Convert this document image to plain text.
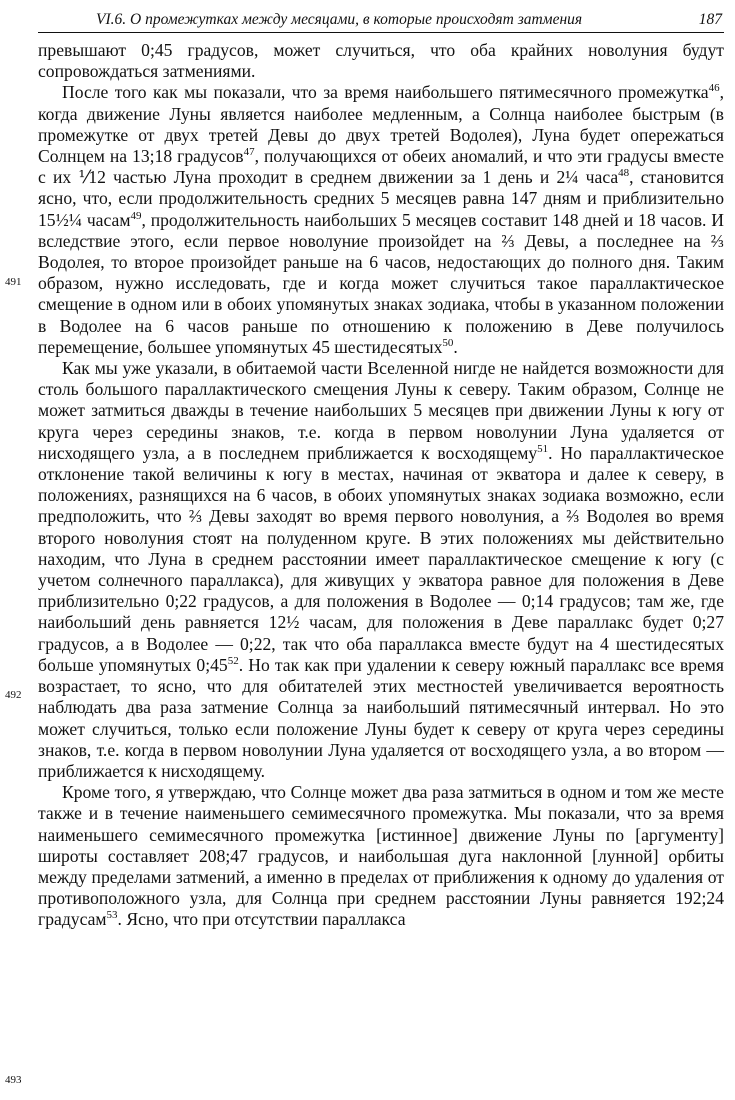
VI.6. О промежутках между месяцами, в которые происходят затмения	187
491
492
493

превышают 0;45 градусов, может случиться, что оба крайних новолуния будут сопровождаться затмениями.

После того как мы показали, что за время наибольшего пятимесячного промежутка$^{46}$, когда движение Луны является наиболее медленным, а Солнца наиболее быстрым (в промежутке от двух третей Девы до двух третей Водолея), Луна будет опережаться Солнцем на 13;18 градусов$^{47}$, получающихся от обеих аномалий, и что эти градусы вместе с их ⅟12 частью Луна проходит в среднем движении за 1 день и 2¼ часа$^{48}$, становится ясно, что, если продолжительность средних 5 месяцев равна 147 дням и приблизительно 15½¼ часам$^{49}$, продолжительность наибольших 5 месяцев составит 148 дней и 18 часов. И вследствие этого, если первое новолуние произойдет на ⅔ Девы, а последнее на ⅔ Водолея, то второе произойдет раньше на 6 часов, недостающих до полного дня. Таким образом, нужно исследовать, где и когда может случиться такое параллактическое смещение в одном или в обоих упомянутых знаках зодиака, чтобы в указанном положении в Водолее на 6 часов раньше по отношению к положению в Деве получилось перемещение, большее упомянутых 45 шестидесятых$^{50}$.

Как мы уже указали, в обитаемой части Вселенной нигде не найдется возможности для столь большого параллактического смещения Луны к северу. Таким образом, Солнце не может затмиться дважды в течение наибольших 5 месяцев при движении Луны к югу от круга через середины знаков, т.е. когда в первом новолунии Луна удаляется от нисходящего узла, а в последнем приближается к восходящему$^{51}$. Но параллактическое отклонение такой величины к югу в местах, начиная от экватора и далее к северу, в положениях, разнящихся на 6 часов, в обоих упомянутых знаках зодиака возможно, если предположить, что ⅔ Девы заходят во время первого новолуния, а ⅔ Водолея во время второго новолуния стоят на полуденном круге. В этих положениях мы действительно находим, что Луна в среднем расстоянии имеет параллактическое смещение к югу (с учетом солнечного параллакса), для живущих у экватора равное для положения в Деве приблизительно 0;22 градусов, а для положения в Водолее — 0;14 градусов; там же, где наибольший день равняется 12½ часам, для положения в Деве параллакс будет 0;27 градусов, а в Водолее — 0;22, так что оба параллакса вместе будут на 4 шестидесятых больше упомянутых $0;45^{52}$. Но так как при удалении к северу южный параллакс все время возрастает, то ясно, что для обитателей этих местностей увеличивается вероятность наблюдать два раза затмение Солнца за наибольший пятимесячный интервал. Но это может случиться, только если положение Луны будет к северу от круга через середины знаков, т.е. когда в первом новолунии Луна удаляется от восходящего узла, а во втором — приближается к нисходящему.

Кроме того, я утверждаю, что Солнце может два раза затмиться в одном и том же месте также и в течение наименьшего семимесячного промежутка. Мы показали, что за время наименьшего семимесячного промежутка [истинное] движение Луны по [аргументу] широты составляет 208;47 градусов, и наибольшая дуга наклонной [лунной] орбиты между пределами затмений, а именно в пределах от приближения к одному до удаления от противоположного узла, для Солнца при среднем расстоянии Луны равняется 192;24 градусам$^{53}$. Ясно, что при отсутствии параллакса
